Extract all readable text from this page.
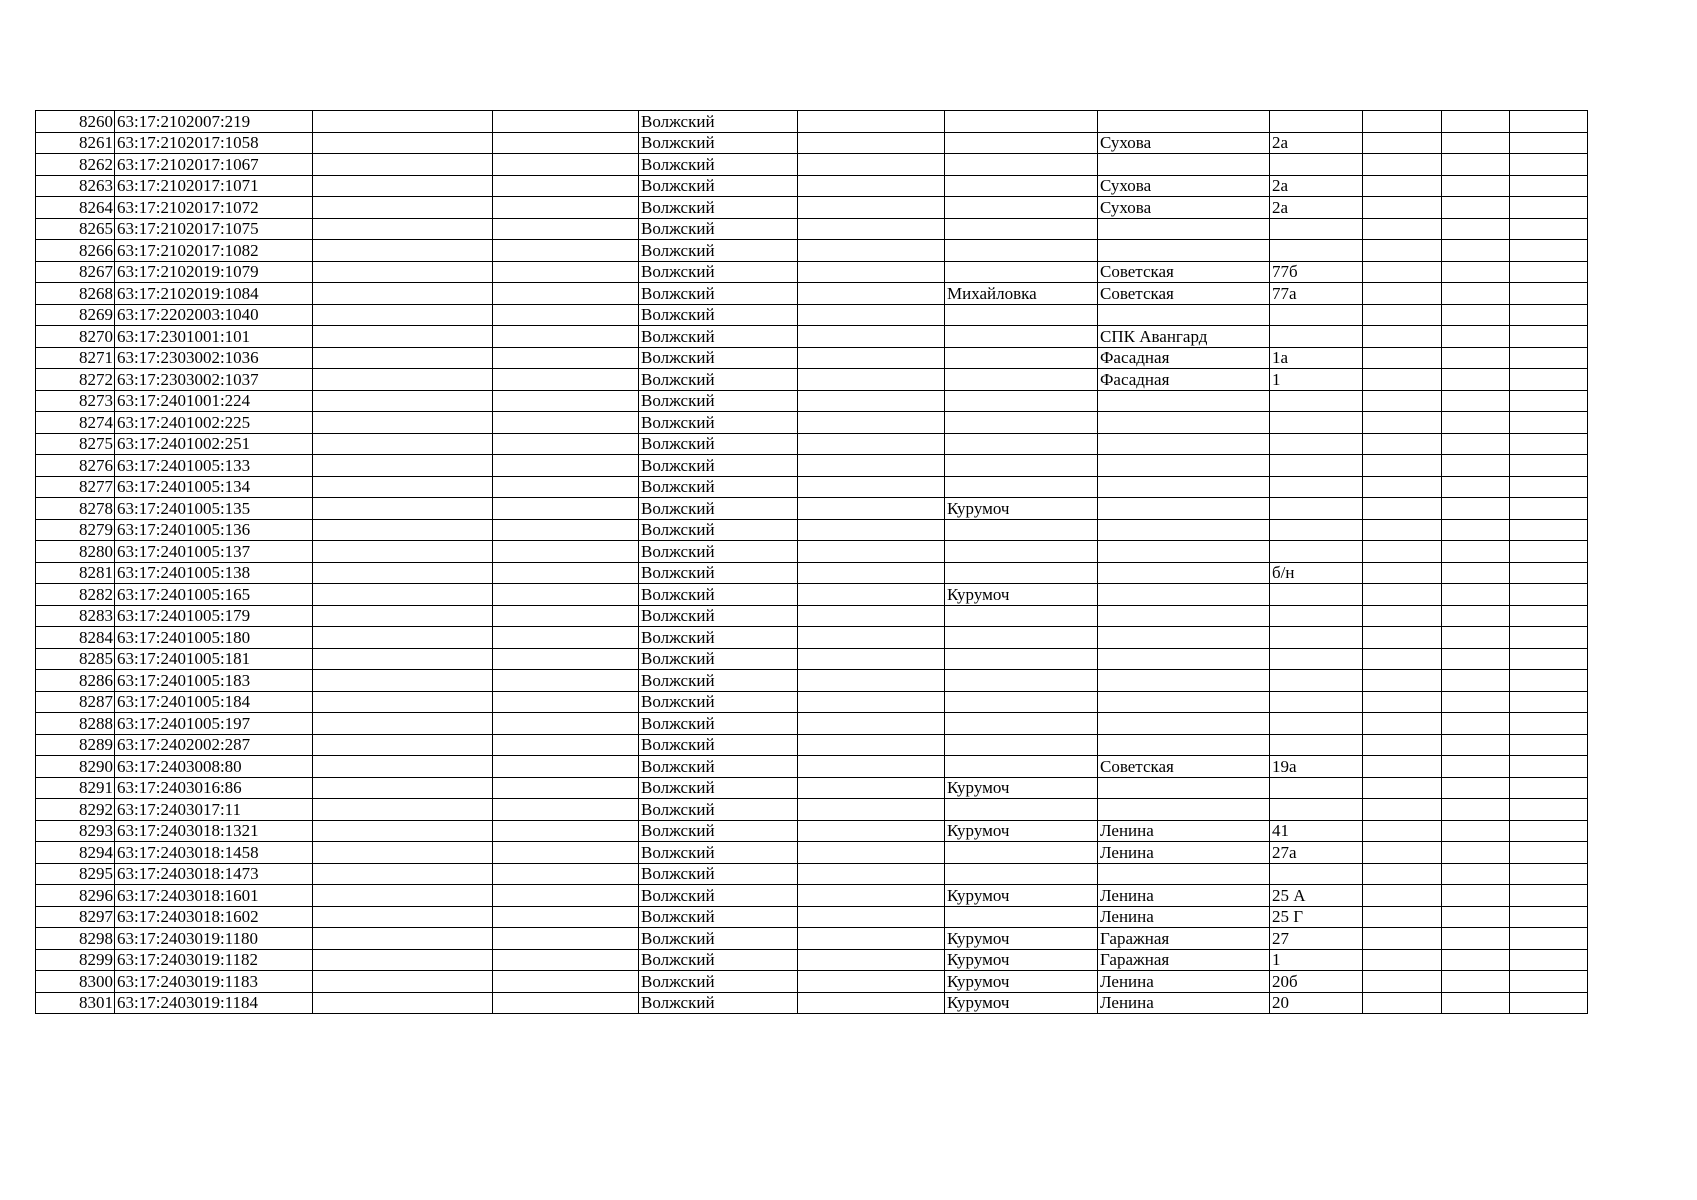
8260	63:17:2102007:219			Волжский							
8261	63:17:2102017:1058			Волжский			Сухова	2а			
8262	63:17:2102017:1067			Волжский							
8263	63:17:2102017:1071			Волжский			Сухова	2а			
8264	63:17:2102017:1072			Волжский			Сухова	2а			
8265	63:17:2102017:1075			Волжский							
8266	63:17:2102017:1082			Волжский							
8267	63:17:2102019:1079			Волжский			Советская	77б			
8268	63:17:2102019:1084			Волжский		Михайловка	Советская	77а			
8269	63:17:2202003:1040			Волжский							
8270	63:17:2301001:101			Волжский			СПК Авангард				
8271	63:17:2303002:1036			Волжский			Фасадная	1а			
8272	63:17:2303002:1037			Волжский			Фасадная	1			
8273	63:17:2401001:224			Волжский							
8274	63:17:2401002:225			Волжский							
8275	63:17:2401002:251			Волжский							
8276	63:17:2401005:133			Волжский							
8277	63:17:2401005:134			Волжский							
8278	63:17:2401005:135			Волжский		Курумоч					
8279	63:17:2401005:136			Волжский							
8280	63:17:2401005:137			Волжский							
8281	63:17:2401005:138			Волжский				б/н			
8282	63:17:2401005:165			Волжский		Курумоч					
8283	63:17:2401005:179			Волжский							
8284	63:17:2401005:180			Волжский							
8285	63:17:2401005:181			Волжский							
8286	63:17:2401005:183			Волжский							
8287	63:17:2401005:184			Волжский							
8288	63:17:2401005:197			Волжский							
8289	63:17:2402002:287			Волжский							
8290	63:17:2403008:80			Волжский			Советская	19а			
8291	63:17:2403016:86			Волжский		Курумоч					
8292	63:17:2403017:11			Волжский							
8293	63:17:2403018:1321			Волжский		Курумоч	Ленина	41			
8294	63:17:2403018:1458			Волжский			Ленина	27а			
8295	63:17:2403018:1473			Волжский							
8296	63:17:2403018:1601			Волжский		Курумоч	Ленина	25 А			
8297	63:17:2403018:1602			Волжский			Ленина	25 Г			
8298	63:17:2403019:1180			Волжский		Курумоч	Гаражная	27			
8299	63:17:2403019:1182			Волжский		Курумоч	Гаражная	1			
8300	63:17:2403019:1183			Волжский		Курумоч	Ленина	20б			
8301	63:17:2403019:1184			Волжский		Курумоч	Ленина	20			
